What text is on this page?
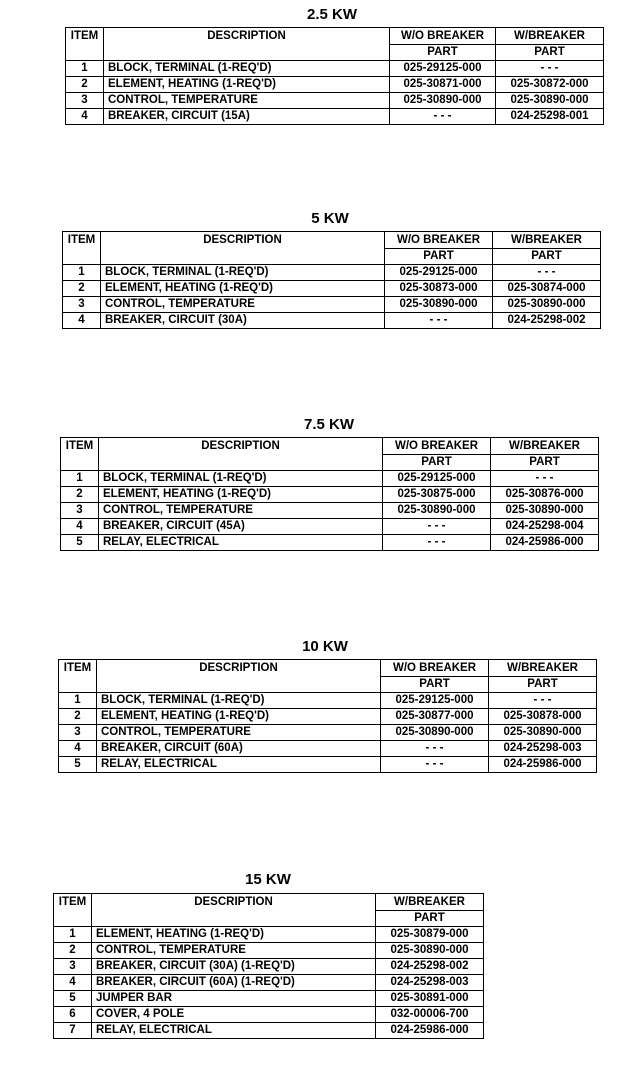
2.5 KW
ITEM	DESCRIPTION	W/O BREAKER	W/BREAKER
		PART	PART
1	BLOCK, TERMINAL (1-REQ'D)	025-29125-000	- - -
2	ELEMENT, HEATING (1-REQ'D)	025-30871-000	025-30872-000
3	CONTROL, TEMPERATURE	025-30890-000	025-30890-000
4	BREAKER, CIRCUIT (15A)	- - -	024-25298-001
5 KW
ITEM	DESCRIPTION	W/O BREAKER	W/BREAKER
		PART	PART
1	BLOCK, TERMINAL (1-REQ'D)	025-29125-000	- - -
2	ELEMENT, HEATING (1-REQ'D)	025-30873-000	025-30874-000
3	CONTROL, TEMPERATURE	025-30890-000	025-30890-000
4	BREAKER, CIRCUIT (30A)	- - -	024-25298-002
7.5 KW
ITEM	DESCRIPTION	W/O BREAKER	W/BREAKER
		PART	PART
1	BLOCK, TERMINAL (1-REQ'D)	025-29125-000	- - -
2	ELEMENT, HEATING (1-REQ'D)	025-30875-000	025-30876-000
3	CONTROL, TEMPERATURE	025-30890-000	025-30890-000
4	BREAKER, CIRCUIT (45A)	- - -	024-25298-004
5	RELAY, ELECTRICAL	- - -	024-25986-000
10 KW
ITEM	DESCRIPTION	W/O BREAKER	W/BREAKER
		PART	PART
1	BLOCK, TERMINAL (1-REQ'D)	025-29125-000	- - -
2	ELEMENT, HEATING (1-REQ'D)	025-30877-000	025-30878-000
3	CONTROL, TEMPERATURE	025-30890-000	025-30890-000
4	BREAKER, CIRCUIT (60A)	- - -	024-25298-003
5	RELAY, ELECTRICAL	- - -	024-25986-000
15 KW
ITEM	DESCRIPTION	W/BREAKER
		PART
1	ELEMENT, HEATING (1-REQ'D)	025-30879-000
2	CONTROL, TEMPERATURE	025-30890-000
3	BREAKER, CIRCUIT (30A) (1-REQ'D)	024-25298-002
4	BREAKER, CIRCUIT (60A) (1-REQ'D)	024-25298-003
5	JUMPER BAR	025-30891-000
6	COVER, 4 POLE	032-00006-700
7	RELAY, ELECTRICAL	024-25986-000
